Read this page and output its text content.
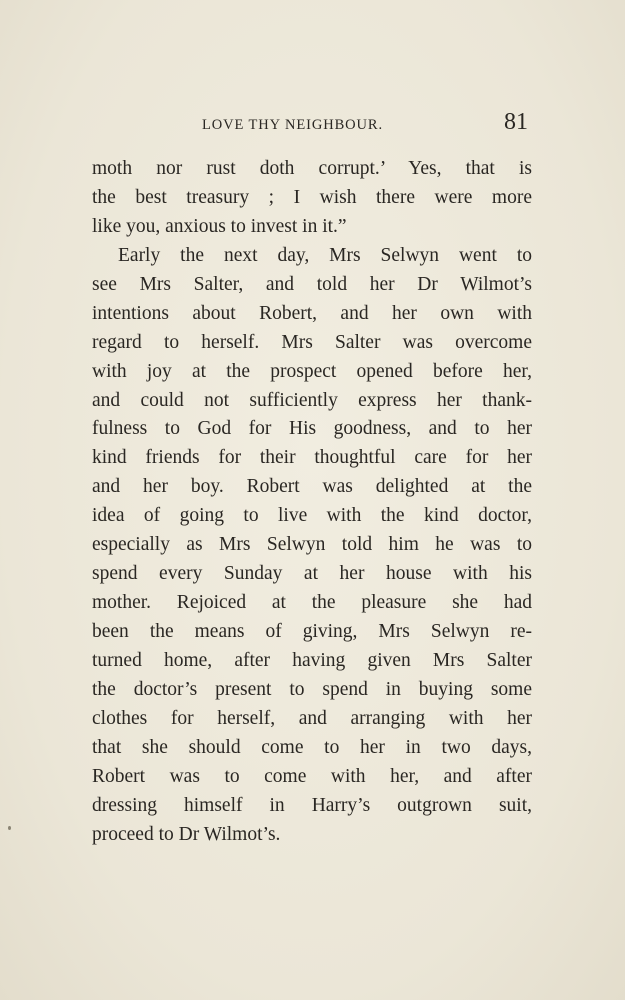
LOVE THY NEIGHBOUR.	81
moth nor rust doth corrupt.’ Yes, that is
the best treasury ; I wish there were more
like you, anxious to invest in it.”
Early the next day, Mrs Selwyn went to
see Mrs Salter, and told her Dr Wilmot’s
intentions about Robert, and her own with
regard to herself. Mrs Salter was overcome
with joy at the prospect opened before her,
and could not sufficiently express her thank-
fulness to God for His goodness, and to her
kind friends for their thoughtful care for her
and her boy. Robert was delighted at the
idea of going to live with the kind doctor,
especially as Mrs Selwyn told him he was to
spend every Sunday at her house with his
mother. Rejoiced at the pleasure she had
been the means of giving, Mrs Selwyn re-
turned home, after having given Mrs Salter
the doctor’s present to spend in buying some
clothes for herself, and arranging with her
that she should come to her in two days,
Robert was to come with her, and after
dressing himself in Harry’s outgrown suit,
proceed to Dr Wilmot’s.
